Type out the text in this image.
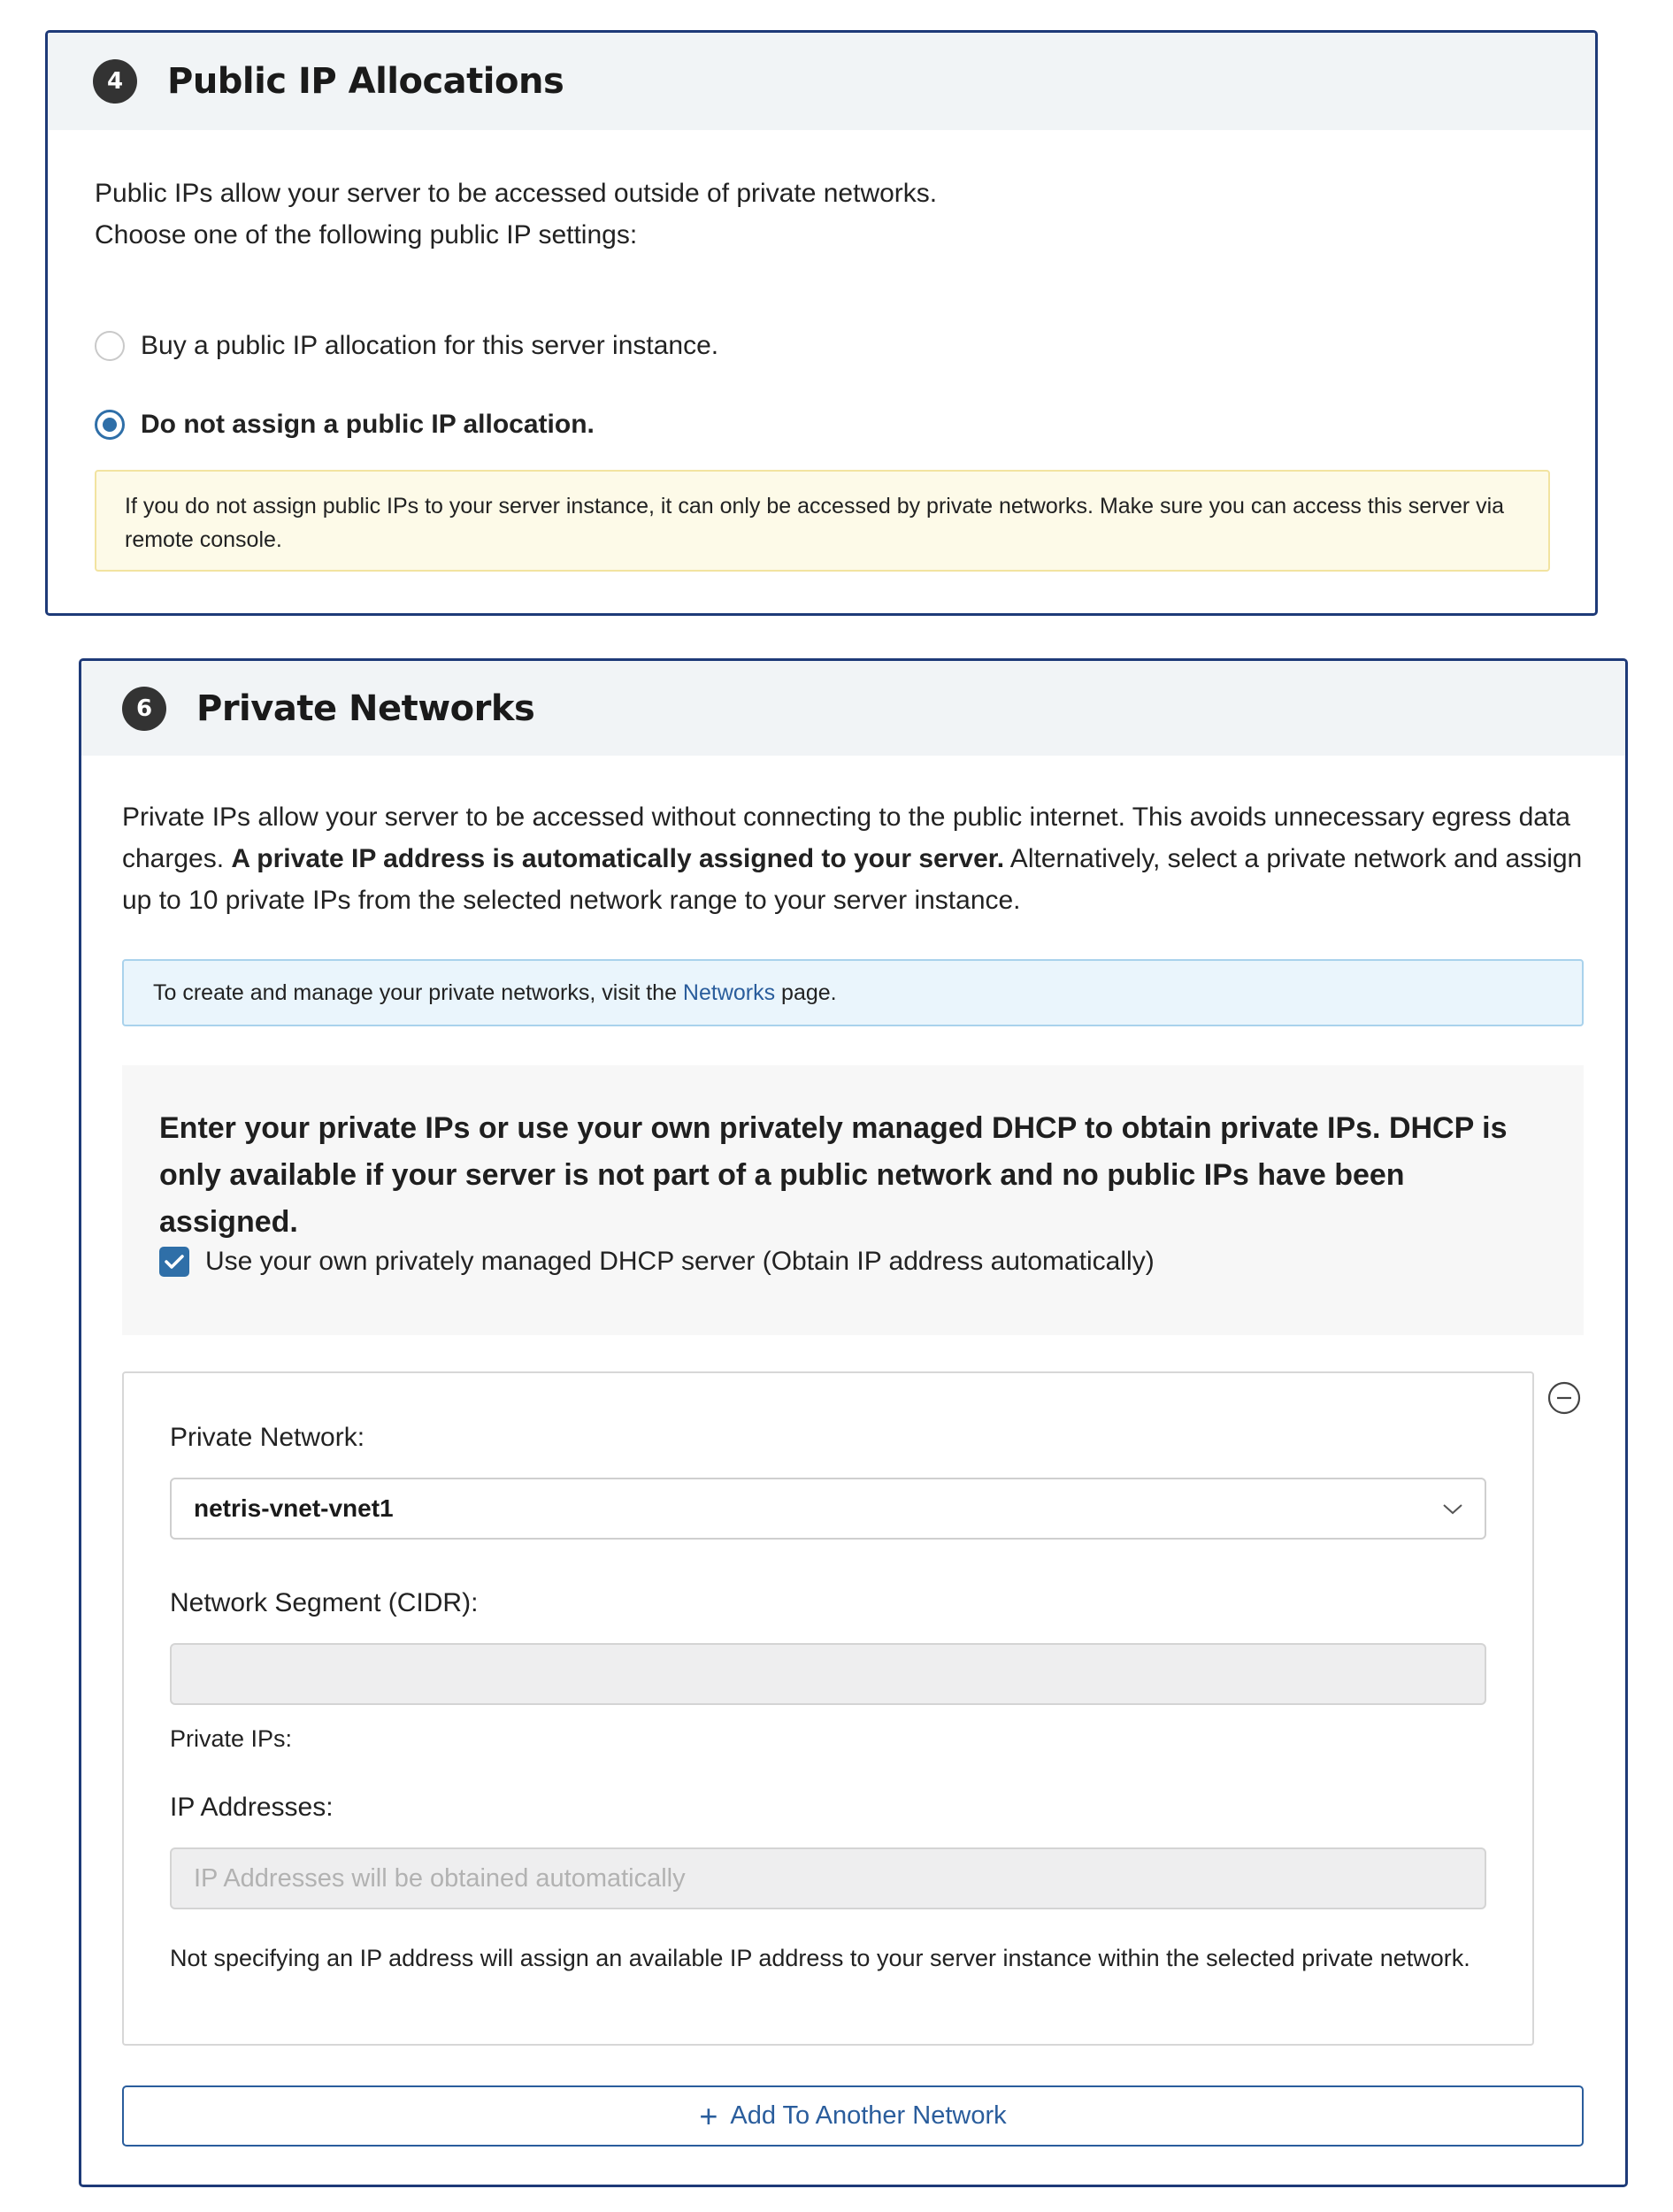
4	Public IP Allocations
Public IPs allow your server to be accessed outside of private networks.
Choose one of the following public IP settings:
Buy a public IP allocation for this server instance.
Do not assign a public IP allocation.
If you do not assign public IPs to your server instance, it can only be accessed by private networks. Make sure you can access this server via remote console.
6	Private Networks

Private IPs allow your server to be accessed without connecting to the public internet. This avoids unnecessary egress data charges. A private IP address is automatically assigned to your server. Alternatively, select a private network and assign up to 10 private IPs from the selected network range to your server instance.

To create and manage your private networks, visit the Networks page.
Enter your private IPs or use your own privately managed DHCP to obtain private IPs. DHCP is only available if your server is not part of a public network and no public IPs have been assigned.
Use your own privately managed DHCP server (Obtain IP address automatically)
Private Network:
netris-vnet-vnet1
Network Segment (CIDR):
Private IPs:
IP Addresses:
IP Addresses will be obtained automatically
Not specifying an IP address will assign an available IP address to your server instance within the selected private network.
+ Add To Another Network
